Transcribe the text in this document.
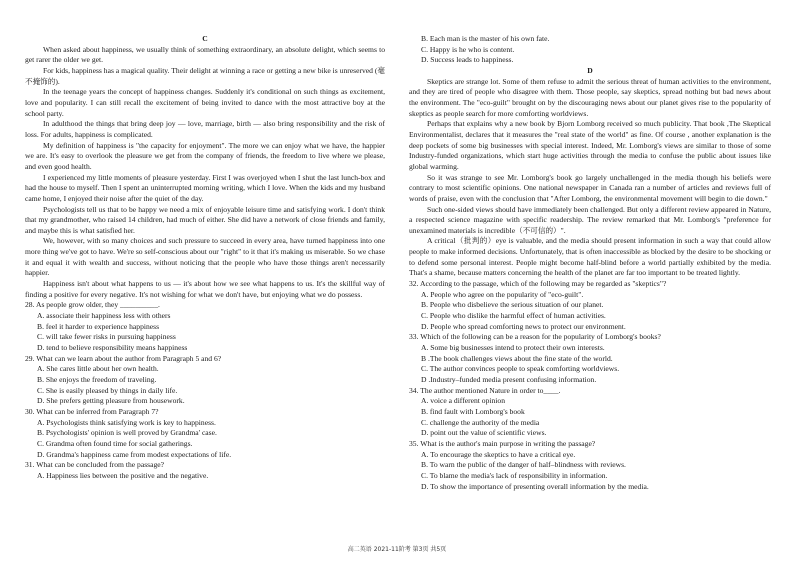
C

When asked about happiness, we usually think of something extraordinary, an absolute delight, which seems to get rarer the older we get.

For kids, happiness has a magical quality. Their delight at winning a race or getting a new bike is unreserved (毫不掩饰的).

In the teenage years the concept of happiness changes. Suddenly it's conditional on such things as excitement, love and popularity. I can still recall the excitement of being invited to dance with the most attractive boy at the school party.

In adulthood the things that bring deep joy — love, marriage, birth — also bring responsibility and the risk of loss. For adults, happiness is complicated.

My definition of happiness is "the capacity for enjoyment". The more we can enjoy what we have, the happier we are. It's easy to overlook the pleasure we get from the company of friends, the freedom to live where we please, and even good health.

I experienced my little moments of pleasure yesterday. First I was overjoyed when I shut the last lunch-box and had the house to myself. Then I spent an uninterrupted morning writing, which I love. When the kids and my husband came home, I enjoyed their noise after the quiet of the day.

Psychologists tell us that to be happy we need a mix of enjoyable leisure time and satisfying work. I don't think that my grandmother, who raised 14 children, had much of either. She did have a network of close friends and family, and maybe this is what satisfied her.

We, however, with so many choices and such pressure to succeed in every area, have turned happiness into one more thing we've got to have. We're so self-conscious about our "right" to it that it's making us miserable. So we chase it and equal it with wealth and success, without noticing that the people who have those things aren't necessarily happier.

Happiness isn't about what happens to us — it's about how we see what happens to us. It's the skillful way of finding a positive for every negative. It's not wishing for what we don't have, but enjoying what we do possess.

28. As people grow older, they __________.
A. associate their happiness less with others
B. feel it harder to experience happiness
C. will take fewer risks in pursuing happiness
D. tend to believe responsibility means happiness
29. What can we learn about the author from Paragraph 5 and 6?
A. She cares little about her own health.
B. She enjoys the freedom of traveling.
C. She is easily pleased by things in daily life.
D. She prefers getting pleasure from housework.
30. What can be inferred from Paragraph 7?
A. Psychologists think satisfying work is key to happiness.
B. Psychologists' opinion is well proved by Grandma' case.
C. Grandma often found time for social gatherings.
D. Grandma's happiness came from modest expectations of life.
31. What can be concluded from the passage?
A. Happiness lies between the positive and the negative.
B. Each man is the master of his own fate.
C. Happy is he who is content.
D. Success leads to happiness.
D

Skeptics are strange lot. Some of them refuse to admit the serious threat of human activities to the environment, and they are tired of people who disagree with them. Those people, say skeptics, spread nothing but bad news about the environment. The "eco-guilt" brought on by the discouraging news about our planet gives rise to the popularity of skeptics as people search for more comforting worldviews.

Perhaps that explains why a new book by Bjorn Lomborg received so much publicity. That book ,The Skeptical Environmentalist, declares that it measures the "real state of the world" as fine. Of course , another explanation is the deep pockets of some big businesses with special interest. Indeed, Mr. Lomborg's views are similar to those of some Industry-funded organizations, which start huge activities through the media to confuse the public about issues like global warming.

So it was strange to see Mr. Lomborg's book go largely unchallenged in the media though his beliefs were contrary to most scientific opinions. One national newspaper in Canada ran a number of articles and reviews full of words of praise, even with the conclusion that "After Lomborg, the environmental movement will begin to die down."

Such one-sided views should have immediately been challenged. But only a different review appeared in Nature, a respected science magazine with specific readership. The review remarked that Mr. Lomborg's "preference for unexamined materials is incredible（不可信的）".

A critical（批判的）eye is valuable, and the media should present information in such a way that could allow people to make informed decisions. Unfortunately, that is often inaccessible as blocked by the desire to be shocking or to defend some personal interest. People might become half-blind before a world partially exhibited by the media. That's a shame, because matters concerning the health of the planet are far too important to be treated lightly.

32. According to the passage, which of the following may be regarded as "skeptics"?
A. People who agree on the popularity of "eco-guilt".
B. People who disbelieve the serious situation of our planet.
C. People who dislike the harmful effect of human activities.
D. People who spread comforting news to protect our environment.
33. Which of the following can be a reason for the popularity of Lomborg's books?
A. Some big businesses intend to protect their own interests.
B .The book challenges views about the fine state of the world.
C. The author convinces people to speak comforting worldviews.
D .Industry–funded media present confusing information.
34. The author mentioned Nature in order to____.
A. voice a different opinion
B. find fault with Lomborg's book
C. challenge the authority of the media
D. point out the value of scientific views.
35. What is the author's main purpose in writing the passage?
A. To encourage the skeptics to have a critical eye.
B. To warn the public of the danger of half–blindness with reviews.
C. To blame the media's lack of responsibility in information.
D. To show the importance of presenting overall information by the media.
高二英语 2021-11阶考 第3页 共5页
